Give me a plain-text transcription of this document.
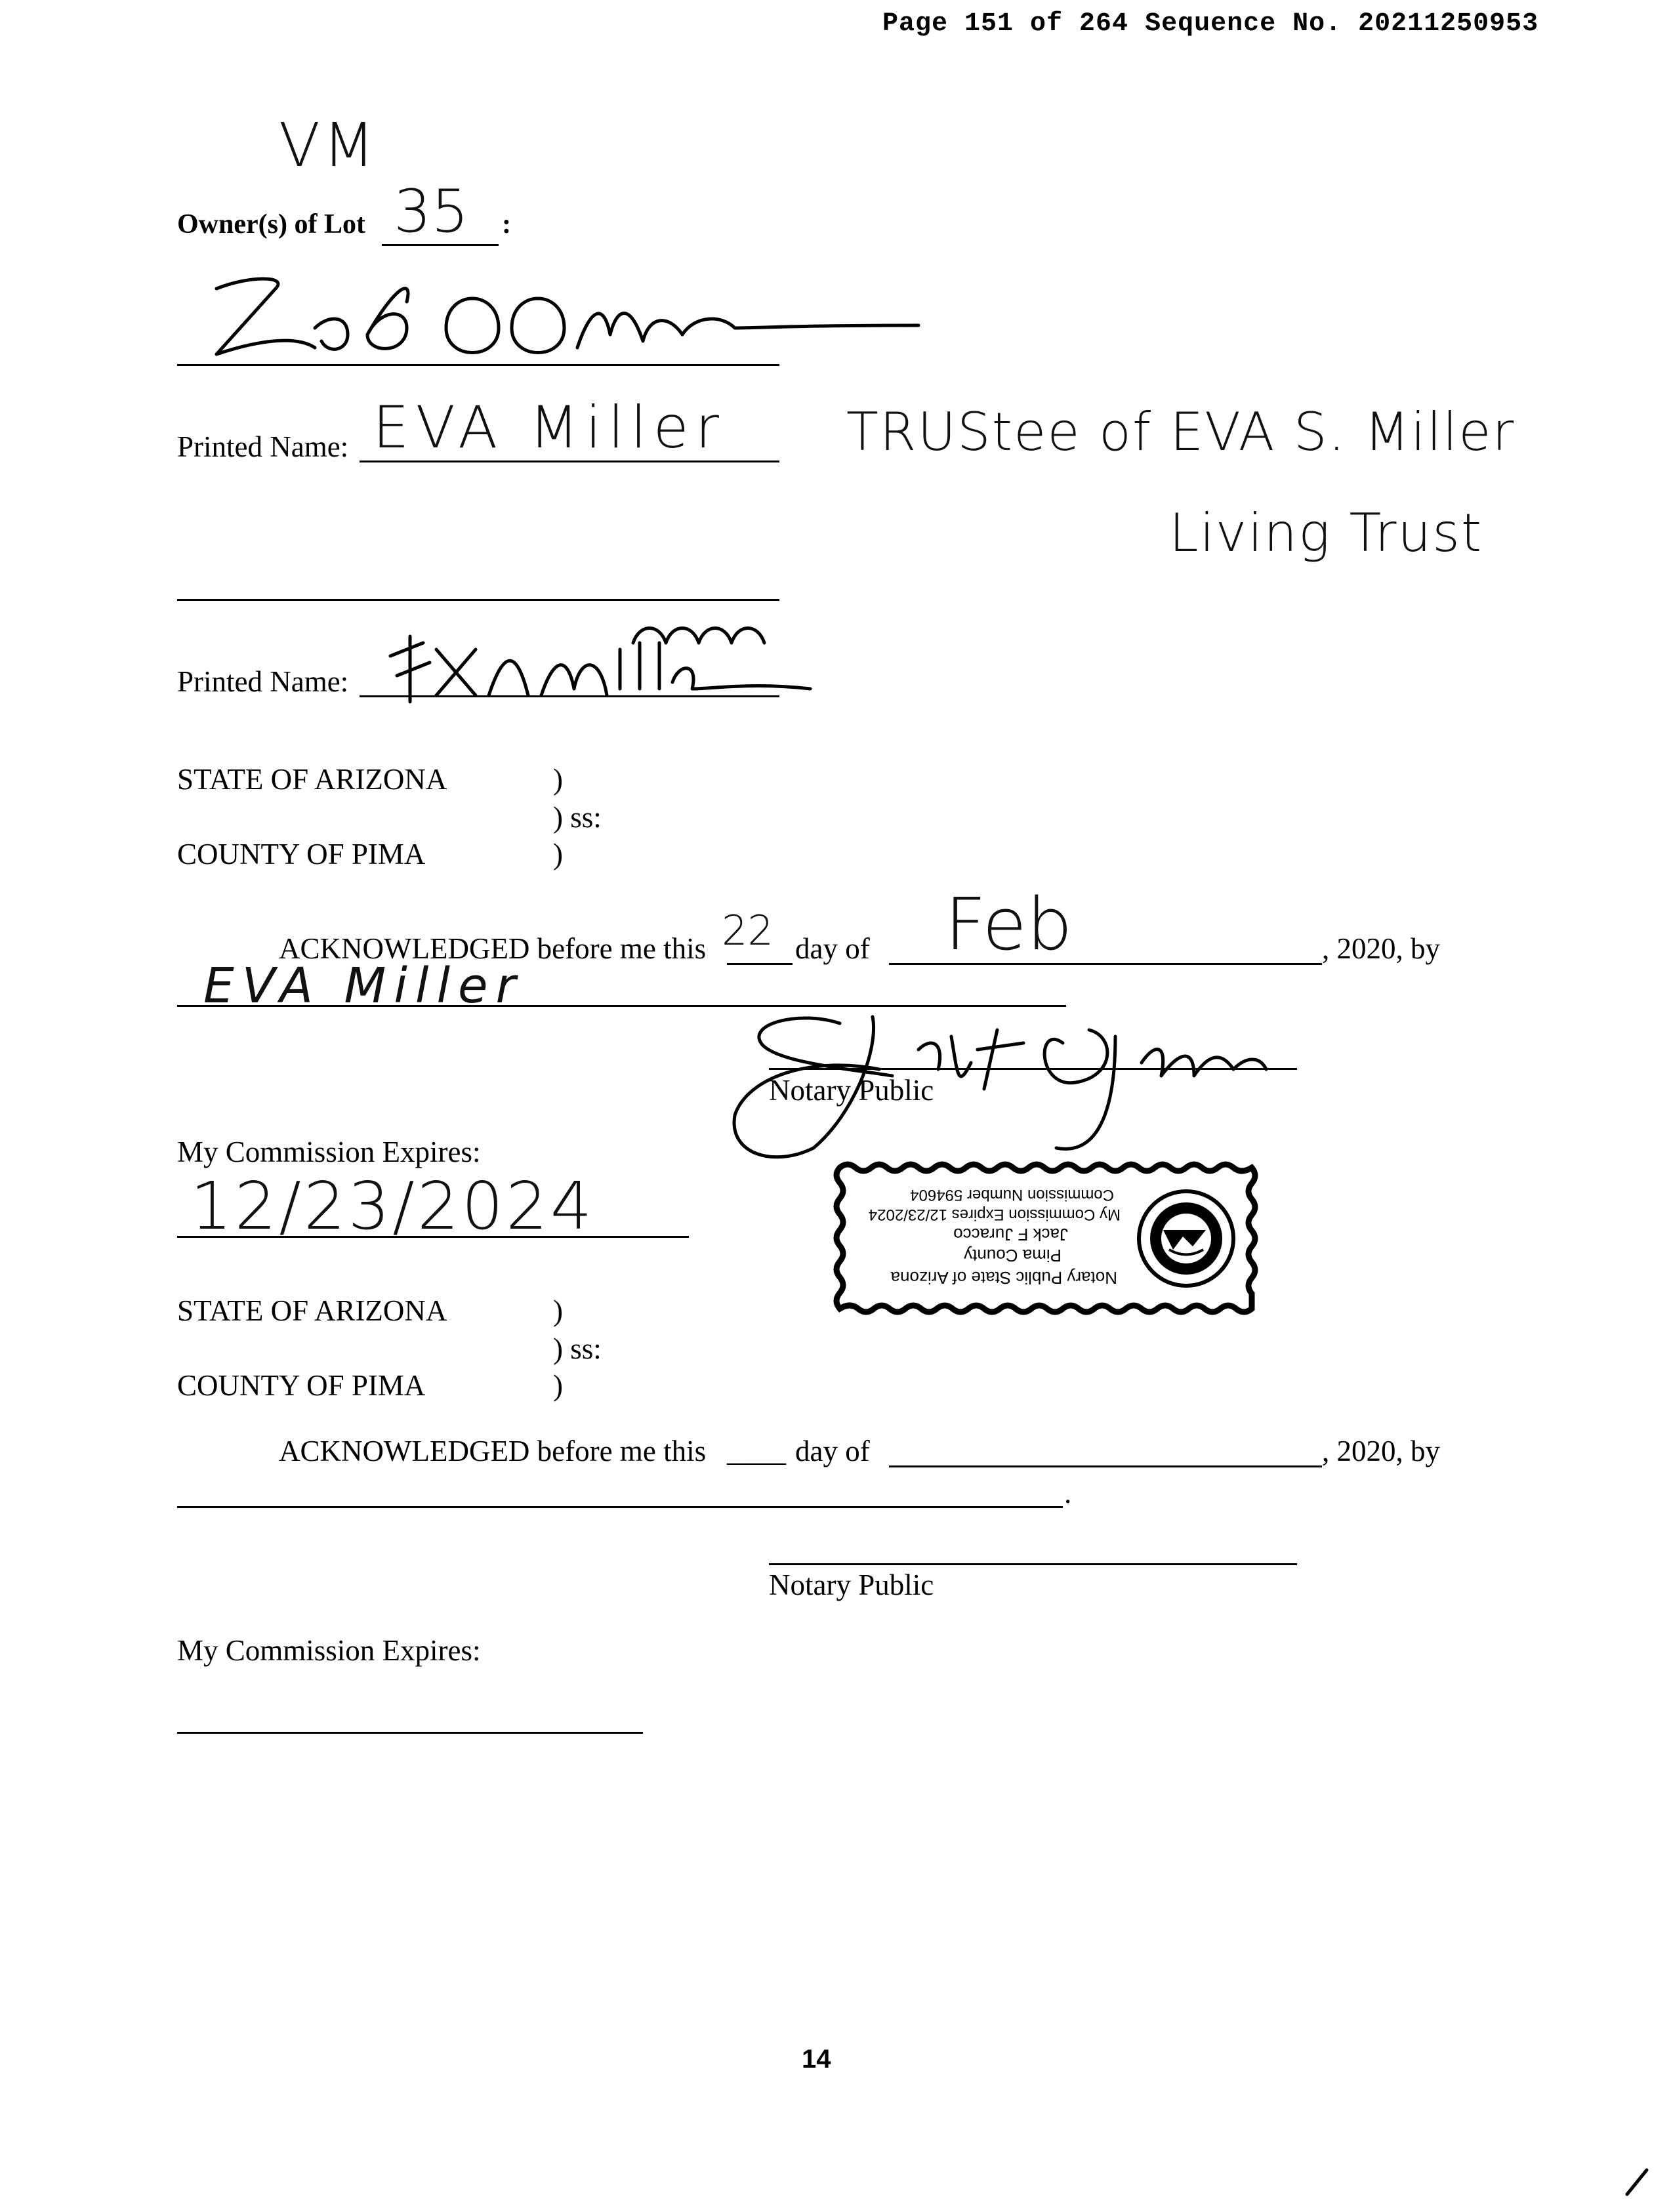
Page 151 of 264 Sequence No. 20211250953
VM
Owner(s) of Lot 35 :
Printed Name: EVA Miller TRUStee of EVA S. Miller
Living Trust
Printed Name:
STATE OF ARIZONA	)
) ss:
COUNTY OF PIMA	)
ACKNOWLEDGED before me this 22 day of Feb	, 2020, by
EVA Miller
Notary Public
My Commission Expires:
12/23/2024
Notary Public State of Arizona
Pima County
Jack F Juracco
My Commission Expires 12/23/2024
Commission Number 594604
STATE OF ARIZONA	)
) ss:
COUNTY OF PIMA	)
ACKNOWLEDGED before me this ____ day of	, 2020, by
.
Notary Public
My Commission Expires:
14
